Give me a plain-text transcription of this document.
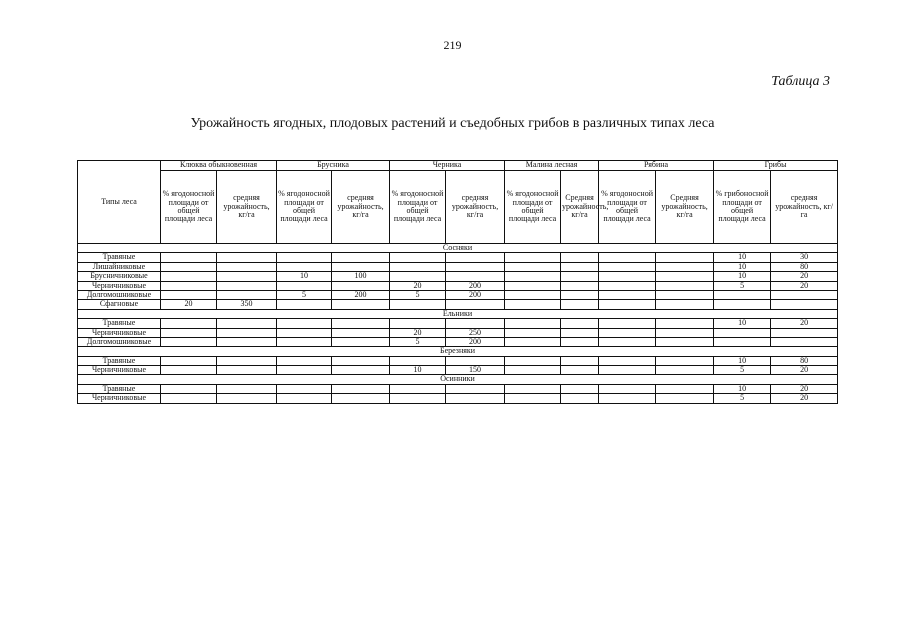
219
Таблица 3
Урожайность ягодных, плодовых растений и съедобных грибов в различных типах леса
Типы леса	Клюква обыкновенная		Брусника		Черника		Малина лесная		Рябина		Грибы	
	% ягодоносной площади от общей площади леса	средняя урожайность, кг/га	% ягодоносной площади от общей площади леса	средняя урожайность, кг/га	% ягодоносной площади от общей площади леса	средняя урожайность, кг/га	% ягодоносной площади от общей площади леса	Средняя урожайность, кг/га	% ягодоносной площади от общей площади леса	Средняя урожайность, кг/га	% грибоносной площади от общей площади леса	средняя урожайность, кг/га
Сосняки												
Травяные											10	30
Лишайниковые											10	80
Брусничниковые			10	100							10	20
Черничниковые					20	200					5	20
Долгомошниковые			5	200	5	200						
Сфагновые	20	350										
Ельники												
Травяные											10	20
Черничниковые					20	250						
Долгомошниковые					5	200						
Березняки												
Травяные											10	80
Черничниковые					10	150					5	20
Осинники												
Травяные											10	20
Черничниковые											5	20
